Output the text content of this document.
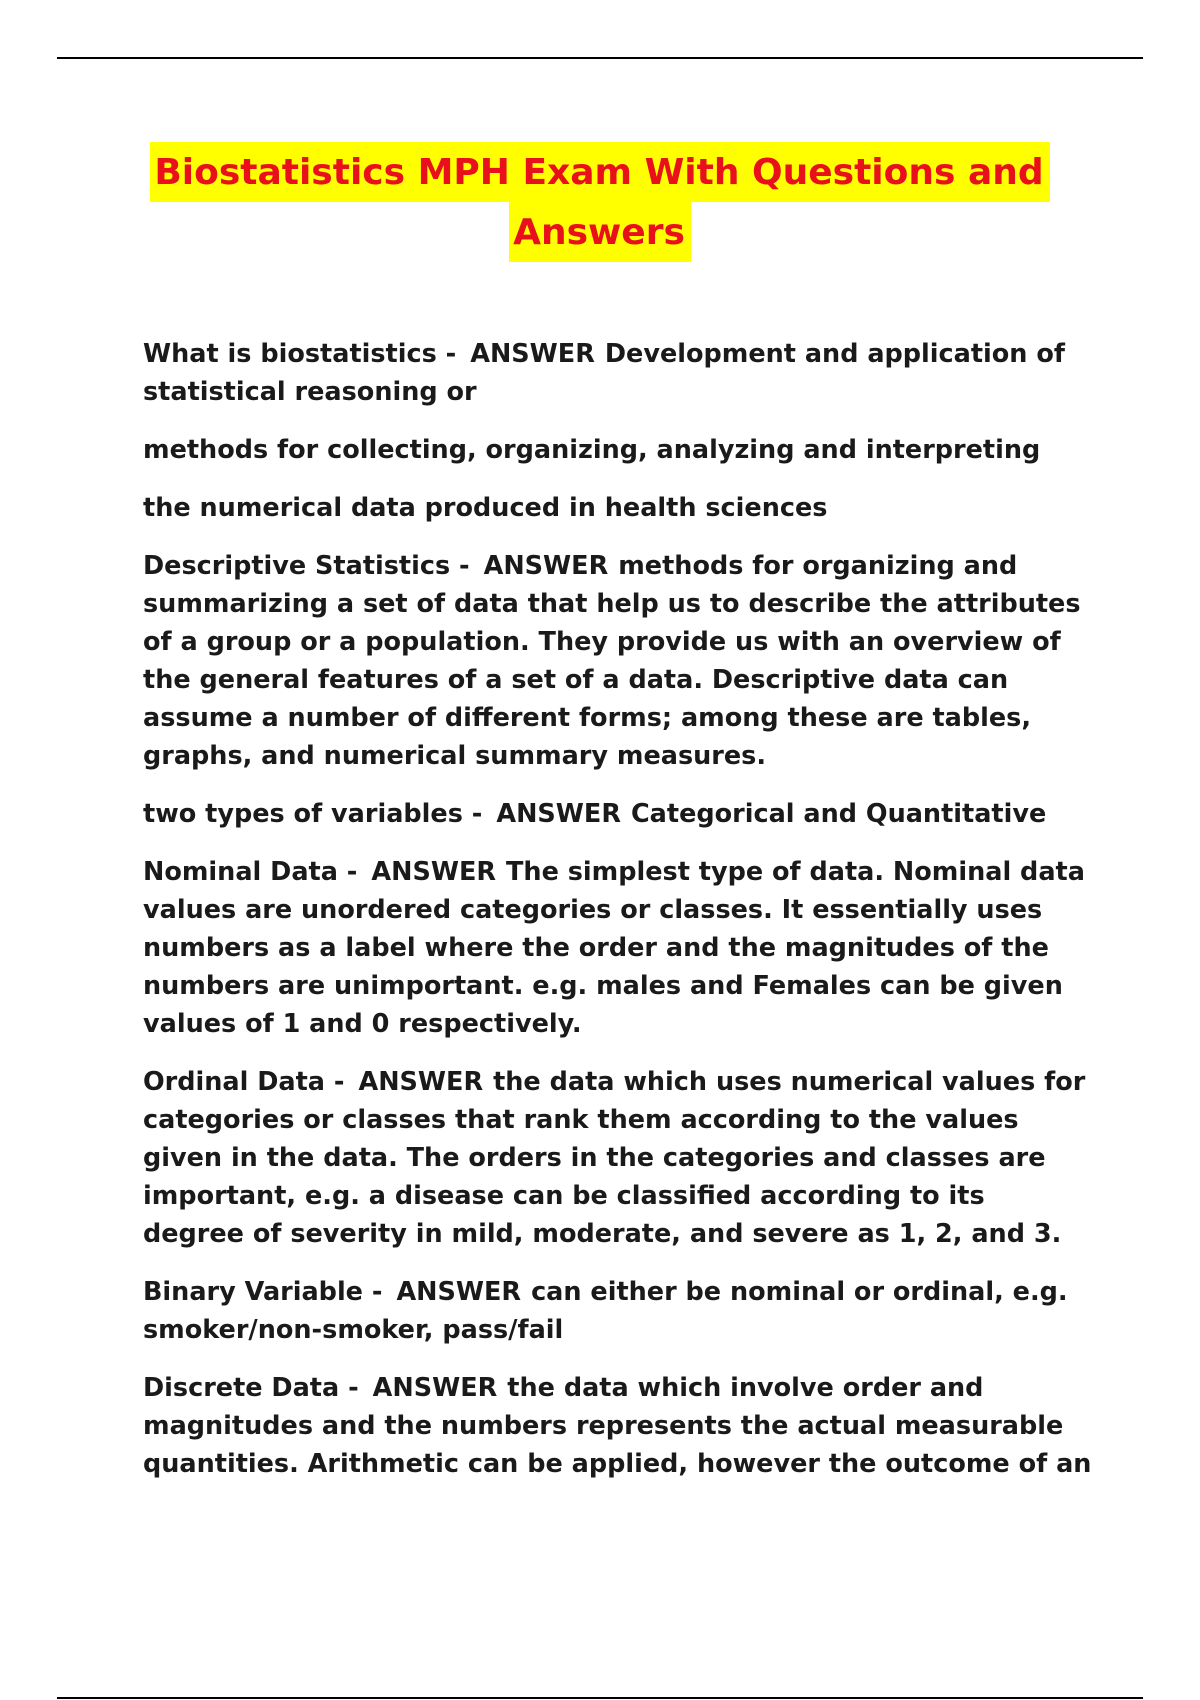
Biostatistics MPH Exam With Questions and
Answers

What is biostatistics - ANSWER Development and application of statistical reasoning or

methods for collecting, organizing, analyzing and interpreting

the numerical data produced in health sciences

Descriptive Statistics - ANSWER methods for organizing and summarizing a set of data that help us to describe the attributes of a group or a population. They provide us with an overview of the general features of a set of a data. Descriptive data can assume a number of different forms; among these are tables, graphs, and numerical summary measures.

two types of variables - ANSWER Categorical and Quantitative

Nominal Data - ANSWER The simplest type of data. Nominal data values are unordered categories or classes. It essentially uses numbers as a label where the order and the magnitudes of the numbers are unimportant. e.g. males and Females can be given values of 1 and 0 respectively.

Ordinal Data - ANSWER the data which uses numerical values for categories or classes that rank them according to the values given in the data. The orders in the categories and classes are important, e.g. a disease can be classified according to its degree of severity in mild, moderate, and severe as 1, 2, and 3.

Binary Variable - ANSWER can either be nominal or ordinal, e.g. smoker/non-smoker, pass/fail

Discrete Data - ANSWER the data which involve order and magnitudes and the numbers represents the actual measurable quantities. Arithmetic can be applied, however the outcome of an
